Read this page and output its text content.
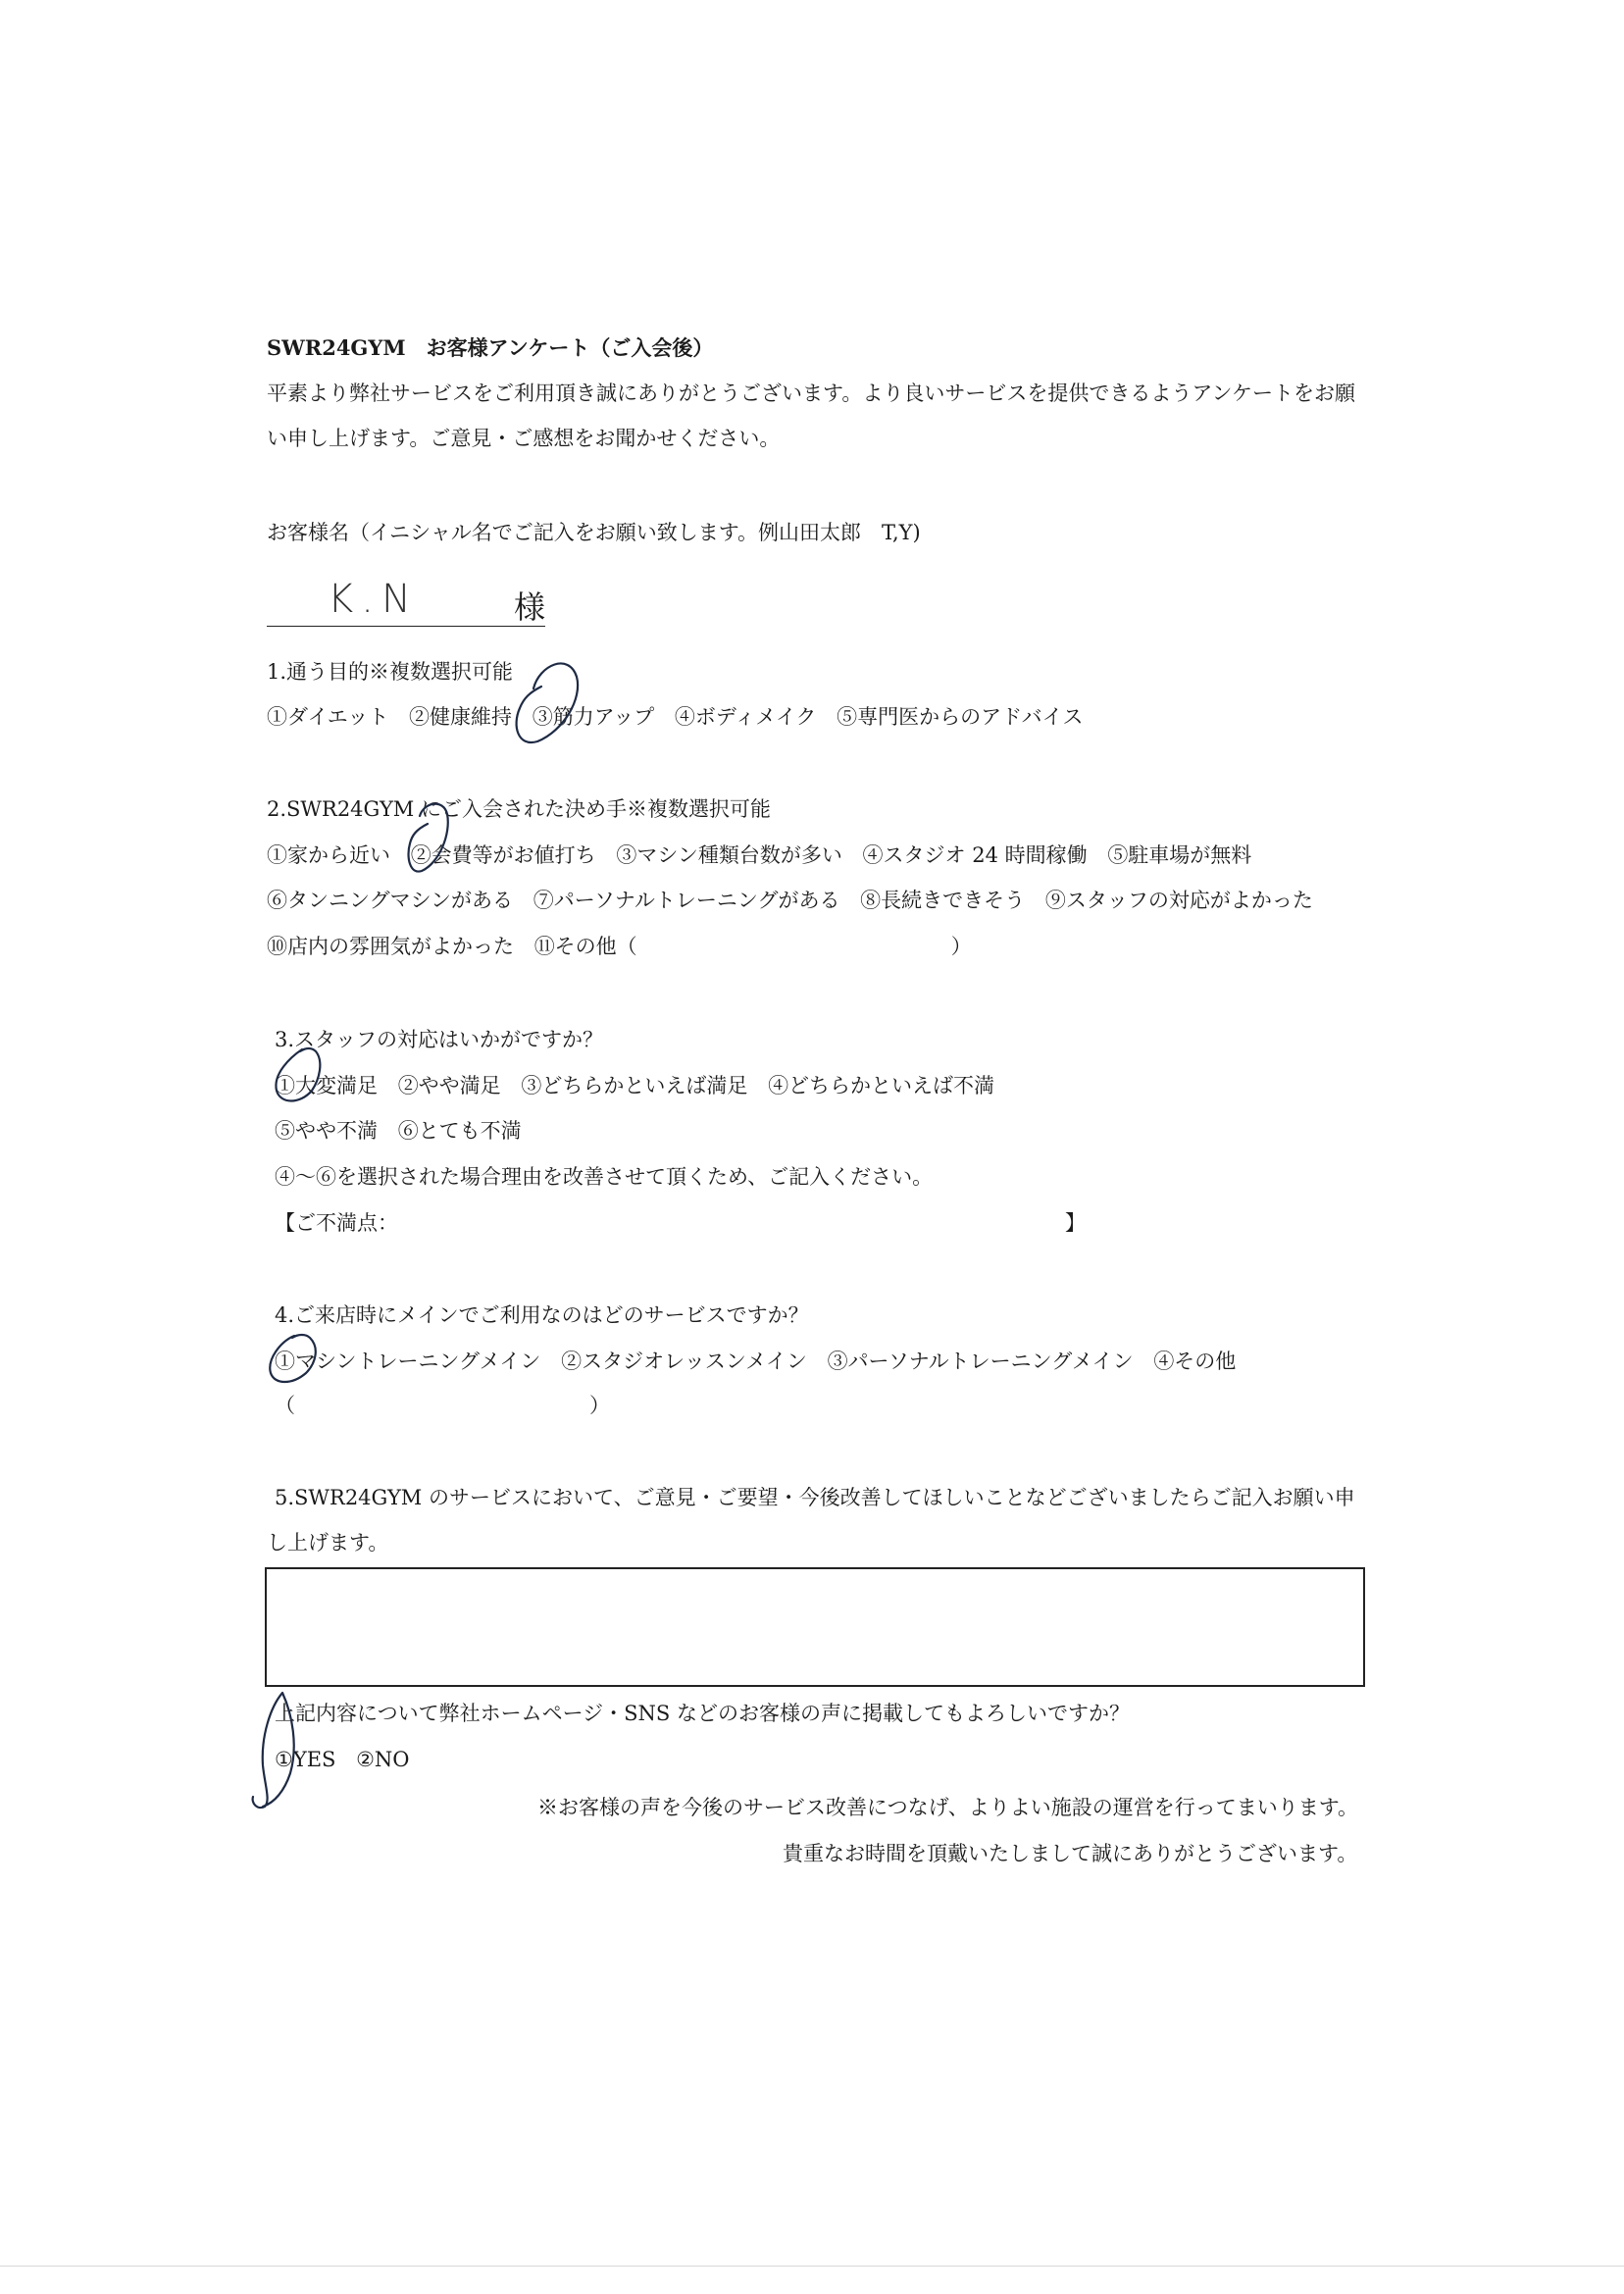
SWR24GYM　お客様アンケート（ご入会後）
平素より弊社サービスをご利用頂き誠にありがとうございます。より良いサービスを提供できるようアンケートをお願
い申し上げます。ご意見・ご感想をお聞かせください。
お客様名（イニシャル名でご記入をお願い致します。例山田太郎　T,Y)
K.N	様
1.通う目的※複数選択可能
①ダイエット ②健康維持 ③筋力アップ ④ボディメイク ⑤専門医からのアドバイス
2.SWR24GYM にご入会された決め手※複数選択可能
①家から近い ②会費等がお値打ち ③マシン種類台数が多い ④スタジオ 24 時間稼働 ⑤駐車場が無料
⑥タンニングマシンがある ⑦パーソナルトレーニングがある ⑧長続きできそう ⑨スタッフの対応がよかった
⑩店内の雰囲気がよかった ⑪その他（	）
3.スタッフの対応はいかがですか？
①大変満足 ②やや満足 ③どちらかといえば満足 ④どちらかといえば不満
⑤やや不満 ⑥とても不満
④～⑥を選択された場合理由を改善させて頂くため、ご記入ください。
【ご不満点：	】
4.ご来店時にメインでご利用なのはどのサービスですか？
①マシントレーニングメイン ②スタジオレッスンメイン ③パーソナルトレーニングメイン ④その他
（	）
5.SWR24GYM のサービスにおいて、ご意見・ご要望・今後改善してほしいことなどございましたらご記入お願い申
し上げます。
上記内容について弊社ホームページ・SNS などのお客様の声に掲載してもよろしいですか？
①YES ②NO
※お客様の声を今後のサービス改善につなげ、よりよい施設の運営を行ってまいります。
貴重なお時間を頂戴いたしまして誠にありがとうございます。
